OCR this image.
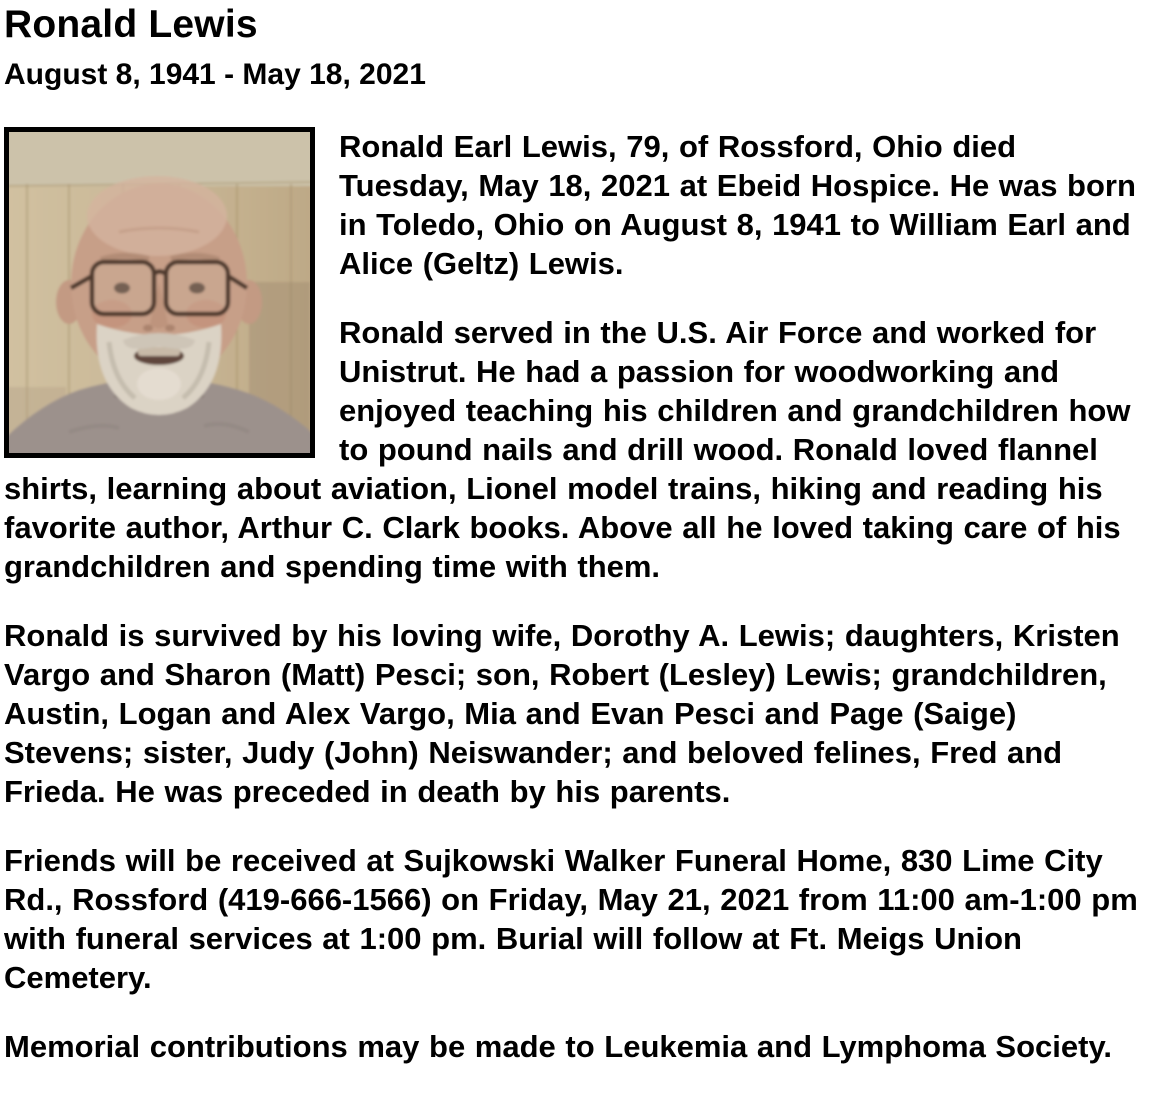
Ronald Lewis
August 8, 1941 - May 18, 2021

Ronald Earl Lewis, 79, of Rossford, Ohio died Tuesday, May 18, 2021 at Ebeid Hospice. He was born in Toledo, Ohio on August 8, 1941 to William Earl and Alice (Geltz) Lewis.

Ronald served in the U.S. Air Force and worked for Unistrut. He had a passion for woodworking and enjoyed teaching his children and grandchildren how to pound nails and drill wood. Ronald loved flannel shirts, learning about aviation, Lionel model trains, hiking and reading his favorite author, Arthur C. Clark books. Above all he loved taking care of his grandchildren and spending time with them.

Ronald is survived by his loving wife, Dorothy A. Lewis; daughters, Kristen Vargo and Sharon (Matt) Pesci; son, Robert (Lesley) Lewis; grandchildren, Austin, Logan and Alex Vargo, Mia and Evan Pesci and Page (Saige) Stevens; sister, Judy (John) Neiswander; and beloved felines, Fred and Frieda. He was preceded in death by his parents.

Friends will be received at Sujkowski Walker Funeral Home, 830 Lime City Rd., Rossford (419-666-1566) on Friday, May 21, 2021 from 11:00 am-1:00 pm with funeral services at 1:00 pm. Burial will follow at Ft. Meigs Union Cemetery.

Memorial contributions may be made to Leukemia and Lymphoma Society.
